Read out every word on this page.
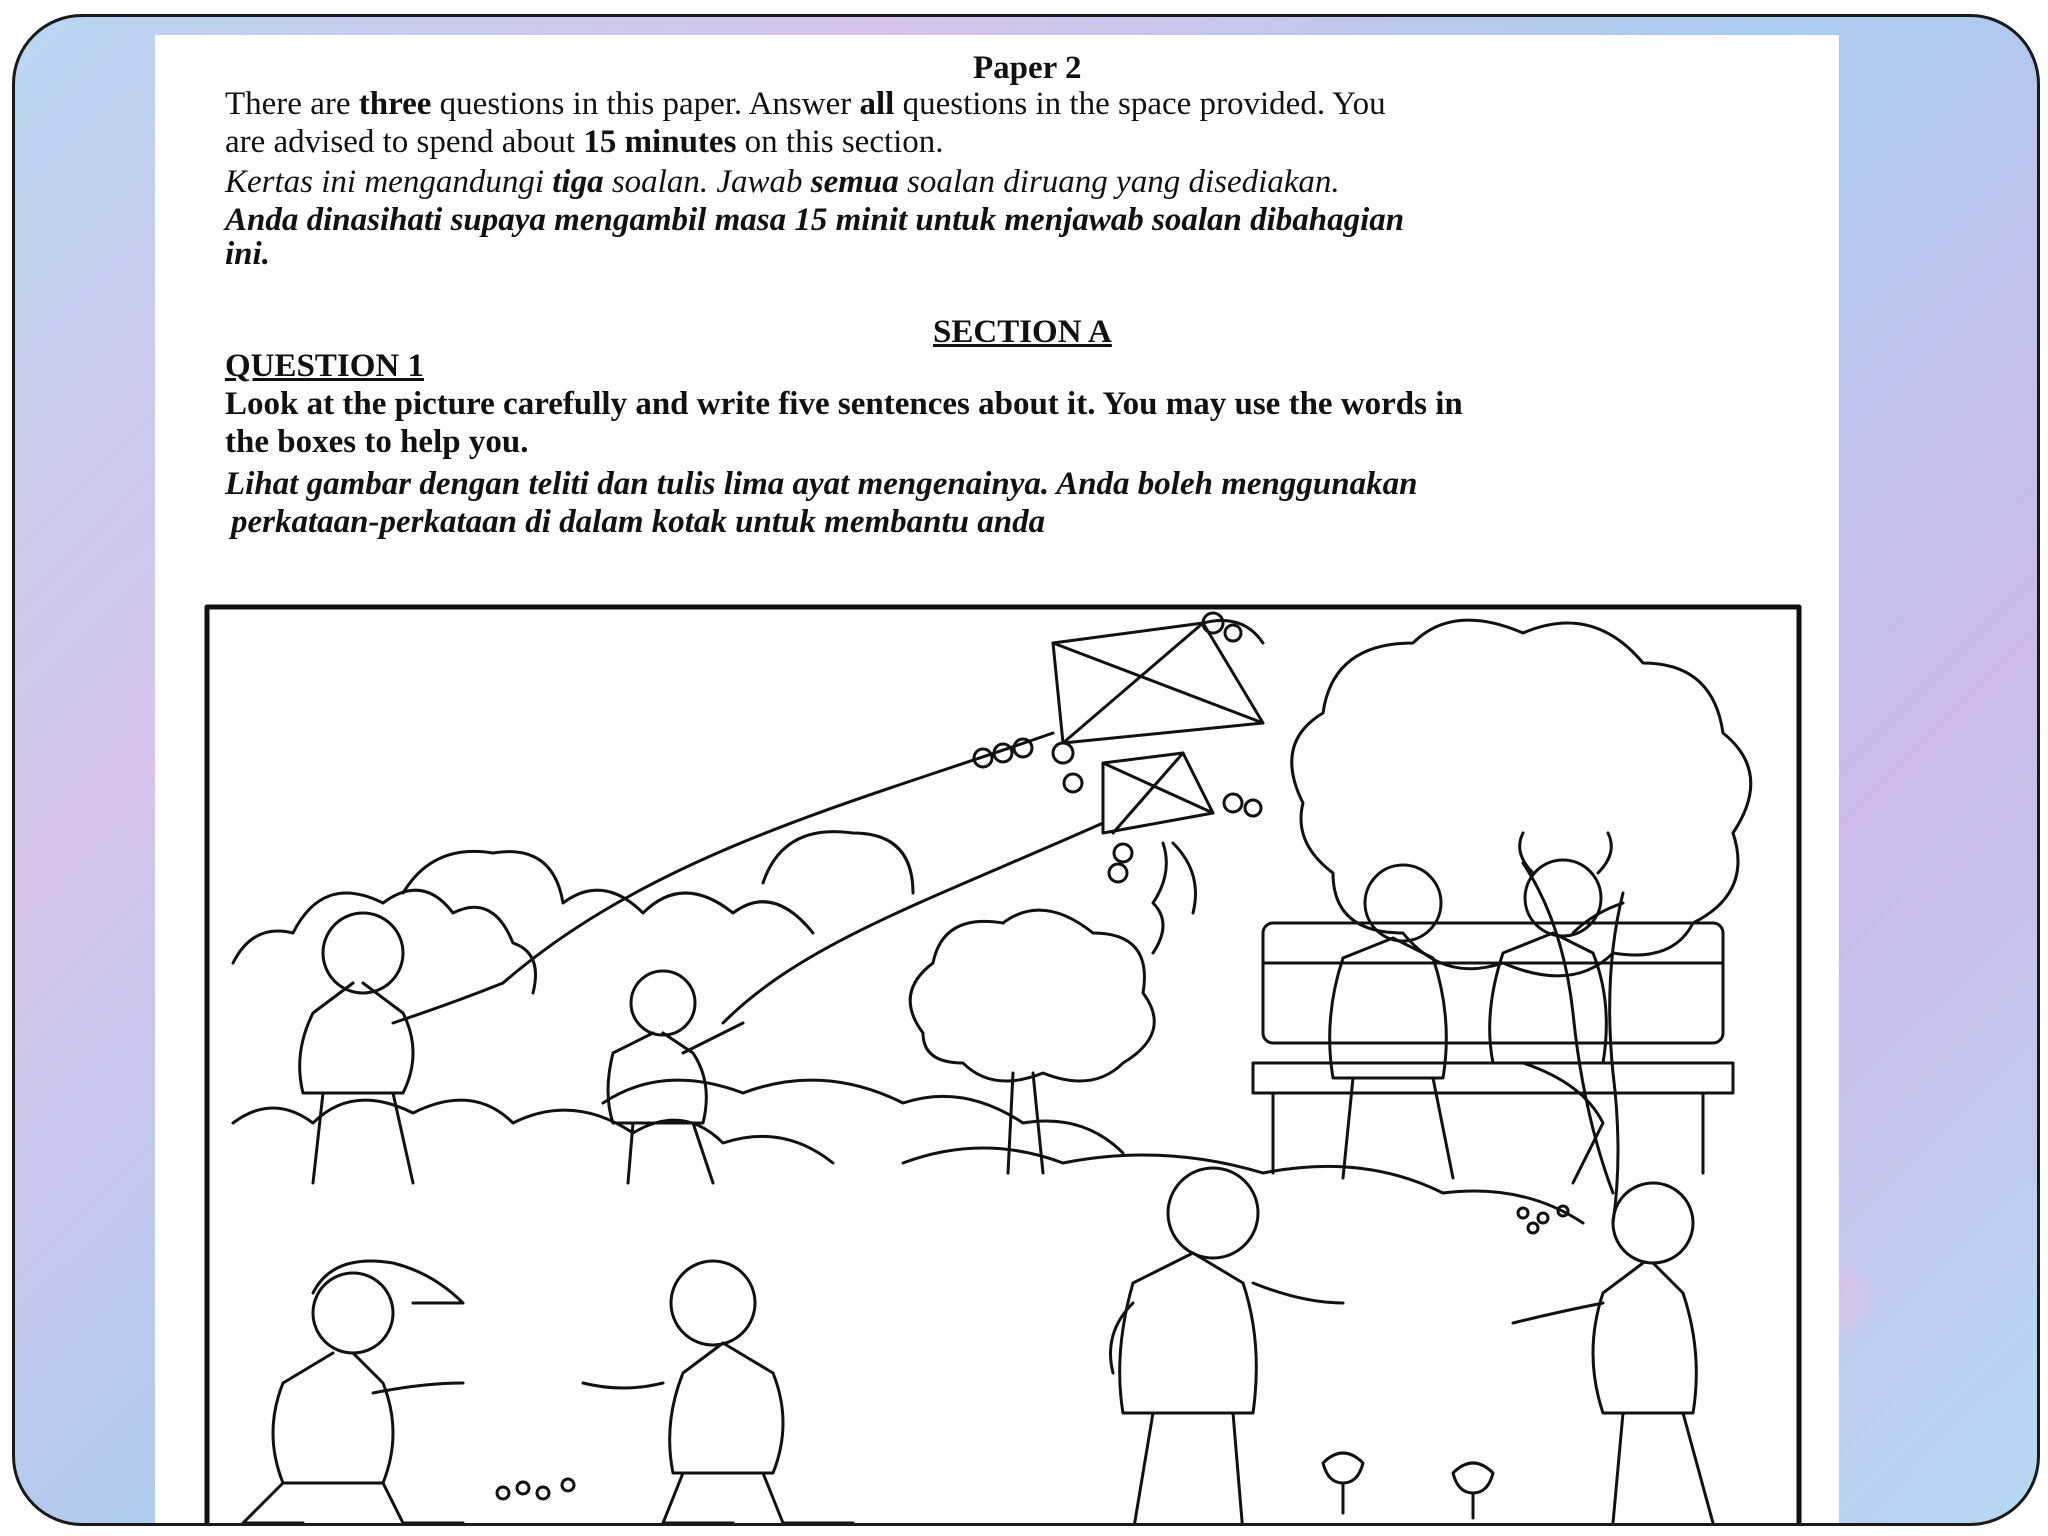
Paper 2
There are three questions in this paper. Answer all questions in the space provided. You
are advised to spend about 15 minutes on this section.
Kertas ini mengandungi tiga soalan. Jawab semua soalan diruang yang disediakan.
Anda dinasihati supaya mengambil masa 15 minit untuk menjawab soalan dibahagian
ini.
SECTION A
QUESTION 1
Look at the picture carefully and write five sentences about it. You may use the words in
the boxes to help you.
Lihat gambar dengan teliti dan tulis lima ayat mengenainya. Anda boleh menggunakan
perkataan-perkataan di dalam kotak untuk membantu anda
